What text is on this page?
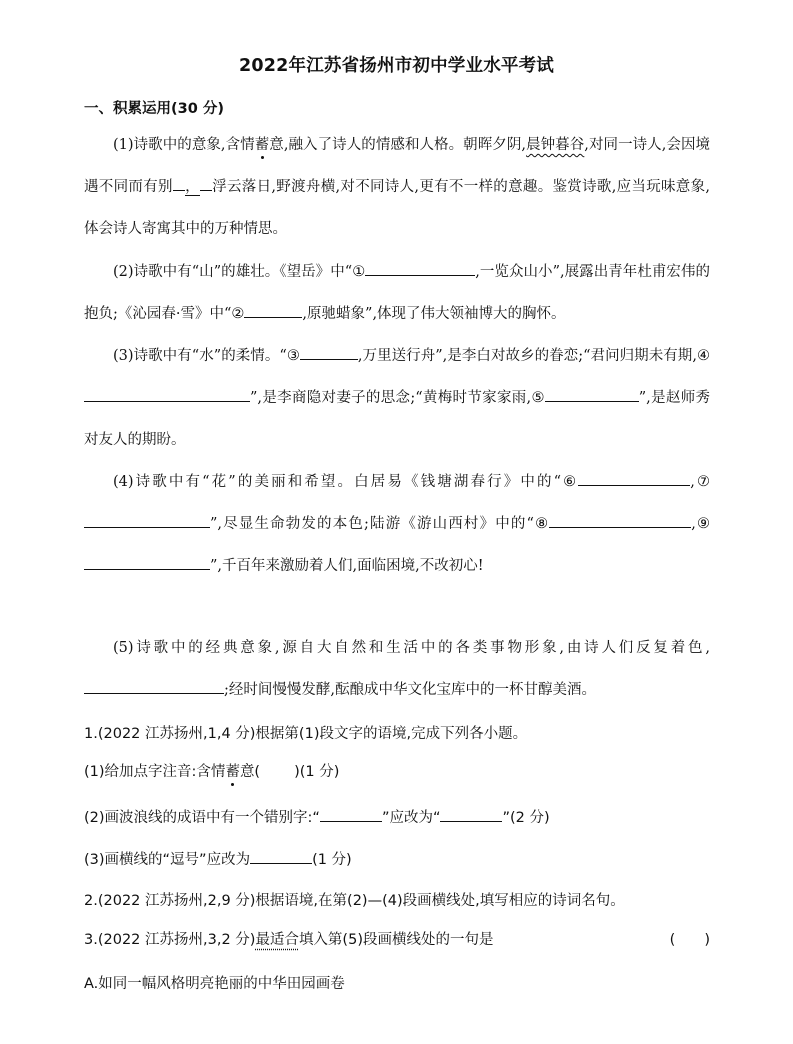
2022年江苏省扬州市初中学业水平考试
一、积累运用(30 分)
(1)诗歌中的意象,含情蓄意,融入了诗人的情感和人格。朝晖夕阴,晨钟暮谷,对同一诗人,会因境遇不同而有别 ， 浮云落日,野渡舟横,对不同诗人,更有不一样的意趣。鉴赏诗歌,应当玩味意象,体会诗人寄寓其中的万种情思。
(2)诗歌中有“山”的雄壮。《望岳》中“①	,一览众山小”,展露出青年杜甫宏伟的抱负;《沁园春·雪》中“②	,原驰蜡象”,体现了伟大领袖博大的胸怀。
(3)诗歌中有“水”的柔情。“③	,万里送行舟”,是李白对故乡的眷恋;“君问归期未有期,④”,是李商隐对妻子的思念;“黄梅时节家家雨,⑤	”,是赵师秀对友人的期盼。
(4)诗歌中有“花”的美丽和希望。白居易《钱塘湖春行》中的“⑥	,⑦”,尽显生命勃发的本色;陆游《游山西村》中的“⑧	,⑨”,千百年来激励着人们,面临困境,不改初心!
(5)诗歌中的经典意象,源自大自然和生活中的各类事物形象,由诗人们反复着色,;经时间慢慢发酵,酝酿成中华文化宝库中的一杯甘醇美酒。
1.(2022 江苏扬州,1,4 分)根据第(1)段文字的语境,完成下列各小题。
(1)给加点字注音:含情蓄意( )(1 分)
(2)画波浪线的成语中有一个错别字:“	”应改为“	”(2 分)
(3)画横线的“逗号”应改为	(1 分)
2.(2022 江苏扬州,2,9 分)根据语境,在第(2)—(4)段画横线处,填写相应的诗词名句。
3.(2022 江苏扬州,3,2 分)最适合填入第(5)段画横线处的一句是	(　　)
A.如同一幅风格明亮艳丽的中华田园画卷
